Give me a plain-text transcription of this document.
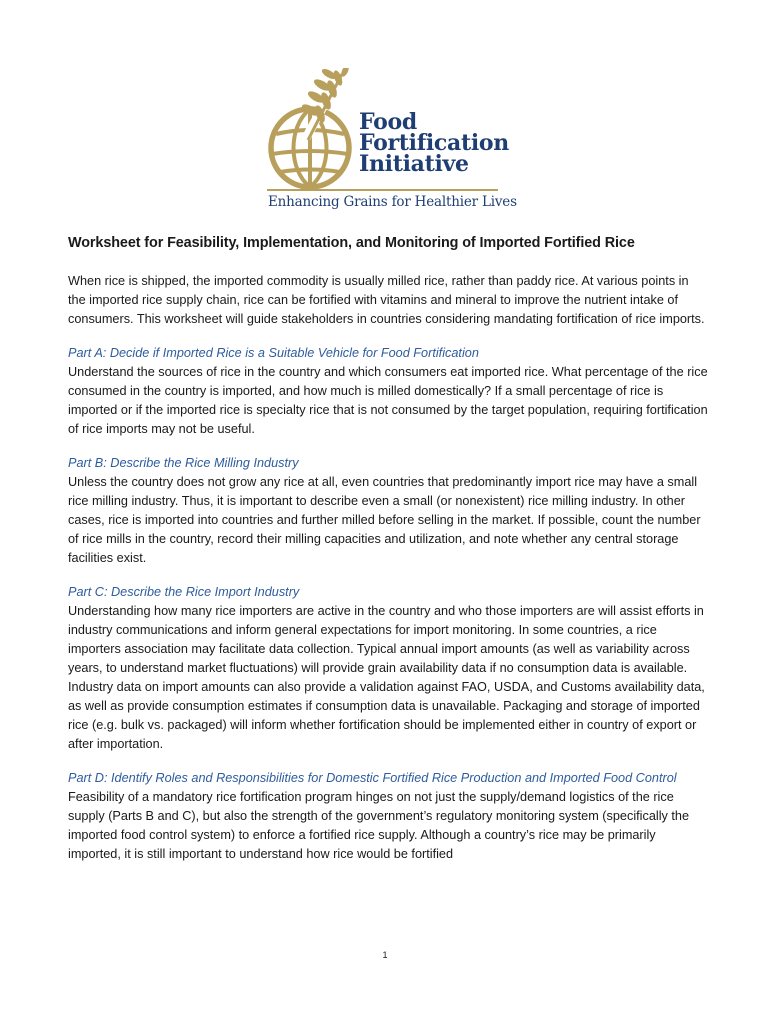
Food
Fortification
Initiative
Enhancing Grains for Healthier Lives
Worksheet for Feasibility, Implementation, and Monitoring of Imported Fortified Rice

When rice is shipped, the imported commodity is usually milled rice, rather than paddy rice. At various points in the imported rice supply chain, rice can be fortified with vitamins and mineral to improve the nutrient intake of consumers. This worksheet will guide stakeholders in countries considering mandating fortification of rice imports.

Part A: Decide if Imported Rice is a Suitable Vehicle for Food Fortification

Understand the sources of rice in the country and which consumers eat imported rice. What percentage of the rice consumed in the country is imported, and how much is milled domestically? If a small percentage of rice is imported or if the imported rice is specialty rice that is not consumed by the target population, requiring fortification of rice imports may not be useful.

Part B: Describe the Rice Milling Industry

Unless the country does not grow any rice at all, even countries that predominantly import rice may have a small rice milling industry. Thus, it is important to describe even a small (or nonexistent) rice milling industry. In other cases, rice is imported into countries and further milled before selling in the market. If possible, count the number of rice mills in the country, record their milling capacities and utilization, and note whether any central storage facilities exist.

Part C: Describe the Rice Import Industry

Understanding how many rice importers are active in the country and who those importers are will assist efforts in industry communications and inform general expectations for import monitoring. In some countries, a rice importers association may facilitate data collection. Typical annual import amounts (as well as variability across years, to understand market fluctuations) will provide grain availability data if no consumption data is available. Industry data on import amounts can also provide a validation against FAO, USDA, and Customs availability data, as well as provide consumption estimates if consumption data is unavailable. Packaging and storage of imported rice (e.g. bulk vs. packaged) will inform whether fortification should be implemented either in country of export or after importation.

Part D: Identify Roles and Responsibilities for Domestic Fortified Rice Production and Imported Food Control

Feasibility of a mandatory rice fortification program hinges on not just the supply/demand logistics of the rice supply (Parts B and C), but also the strength of the government’s regulatory monitoring system (specifically the imported food control system) to enforce a fortified rice supply. Although a country’s rice may be primarily imported, it is still important to understand how rice would be fortified

1
